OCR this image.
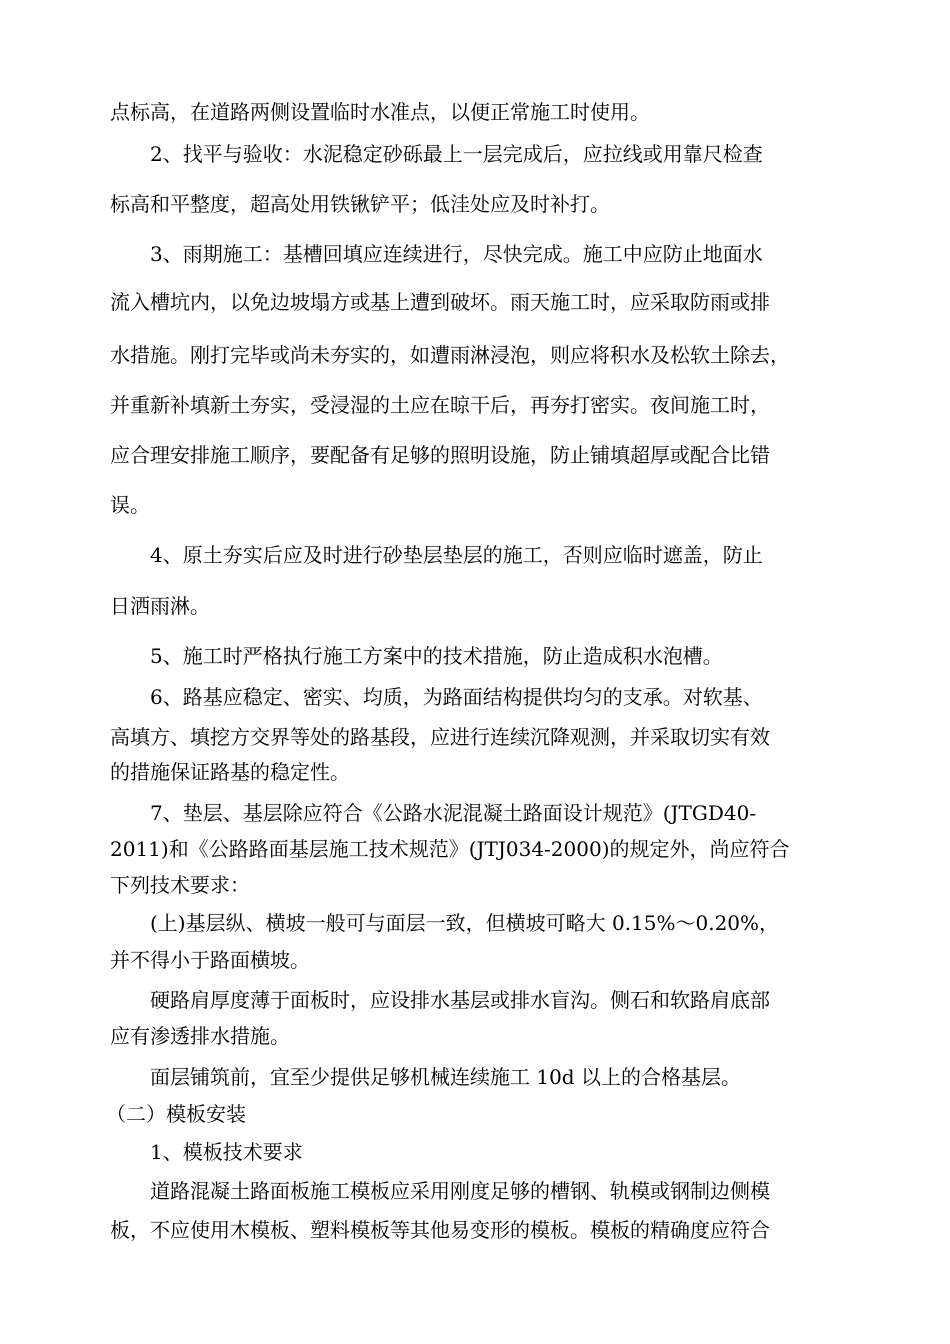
点标高，在道路两侧设置临时水准点，以便正常施工时使用。
2、找平与验收：水泥稳定砂砾最上一层完成后，应拉线或用靠尺检查
标高和平整度，超高处用铁锹铲平；低洼处应及时补打。
3、雨期施工：基槽回填应连续进行，尽快完成。施工中应防止地面水
流入槽坑内，以免边坡塌方或基上遭到破坏。雨天施工时，应采取防雨或排
水措施。刚打完毕或尚未夯实的，如遭雨淋浸泡，则应将积水及松软土除去，
并重新补填新土夯实，受浸湿的土应在晾干后，再夯打密实。夜间施工时，
应合理安排施工顺序，要配备有足够的照明设施，防止铺填超厚或配合比错
误。
4、原土夯实后应及时进行砂垫层垫层的施工，否则应临时遮盖，防止
日洒雨淋。
5、施工时严格执行施工方案中的技术措施，防止造成积水泡槽。
6、路基应稳定、密实、均质，为路面结构提供均匀的支承。对软基、
高填方、填挖方交界等处的路基段，应进行连续沉降观测，并采取切实有效
的措施保证路基的稳定性。
7、垫层、基层除应符合《公路水泥混凝土路面设计规范》(JTGD40-
2011)和《公路路面基层施工技术规范》(JTJ034-2000)的规定外，尚应符合
下列技术要求：
(上)基层纵、横坡一般可与面层一致，但横坡可略大 0.15%～0.20%，
并不得小于路面横坡。
硬路肩厚度薄于面板时，应设排水基层或排水盲沟。侧石和软路肩底部
应有渗透排水措施。
面层铺筑前，宜至少提供足够机械连续施工 10d 以上的合格基层。
（二）模板安装
1、模板技术要求
道路混凝土路面板施工模板应采用刚度足够的槽钢、轨模或钢制边侧模
板，不应使用木模板、塑料模板等其他易变形的模板。模板的精确度应符合
